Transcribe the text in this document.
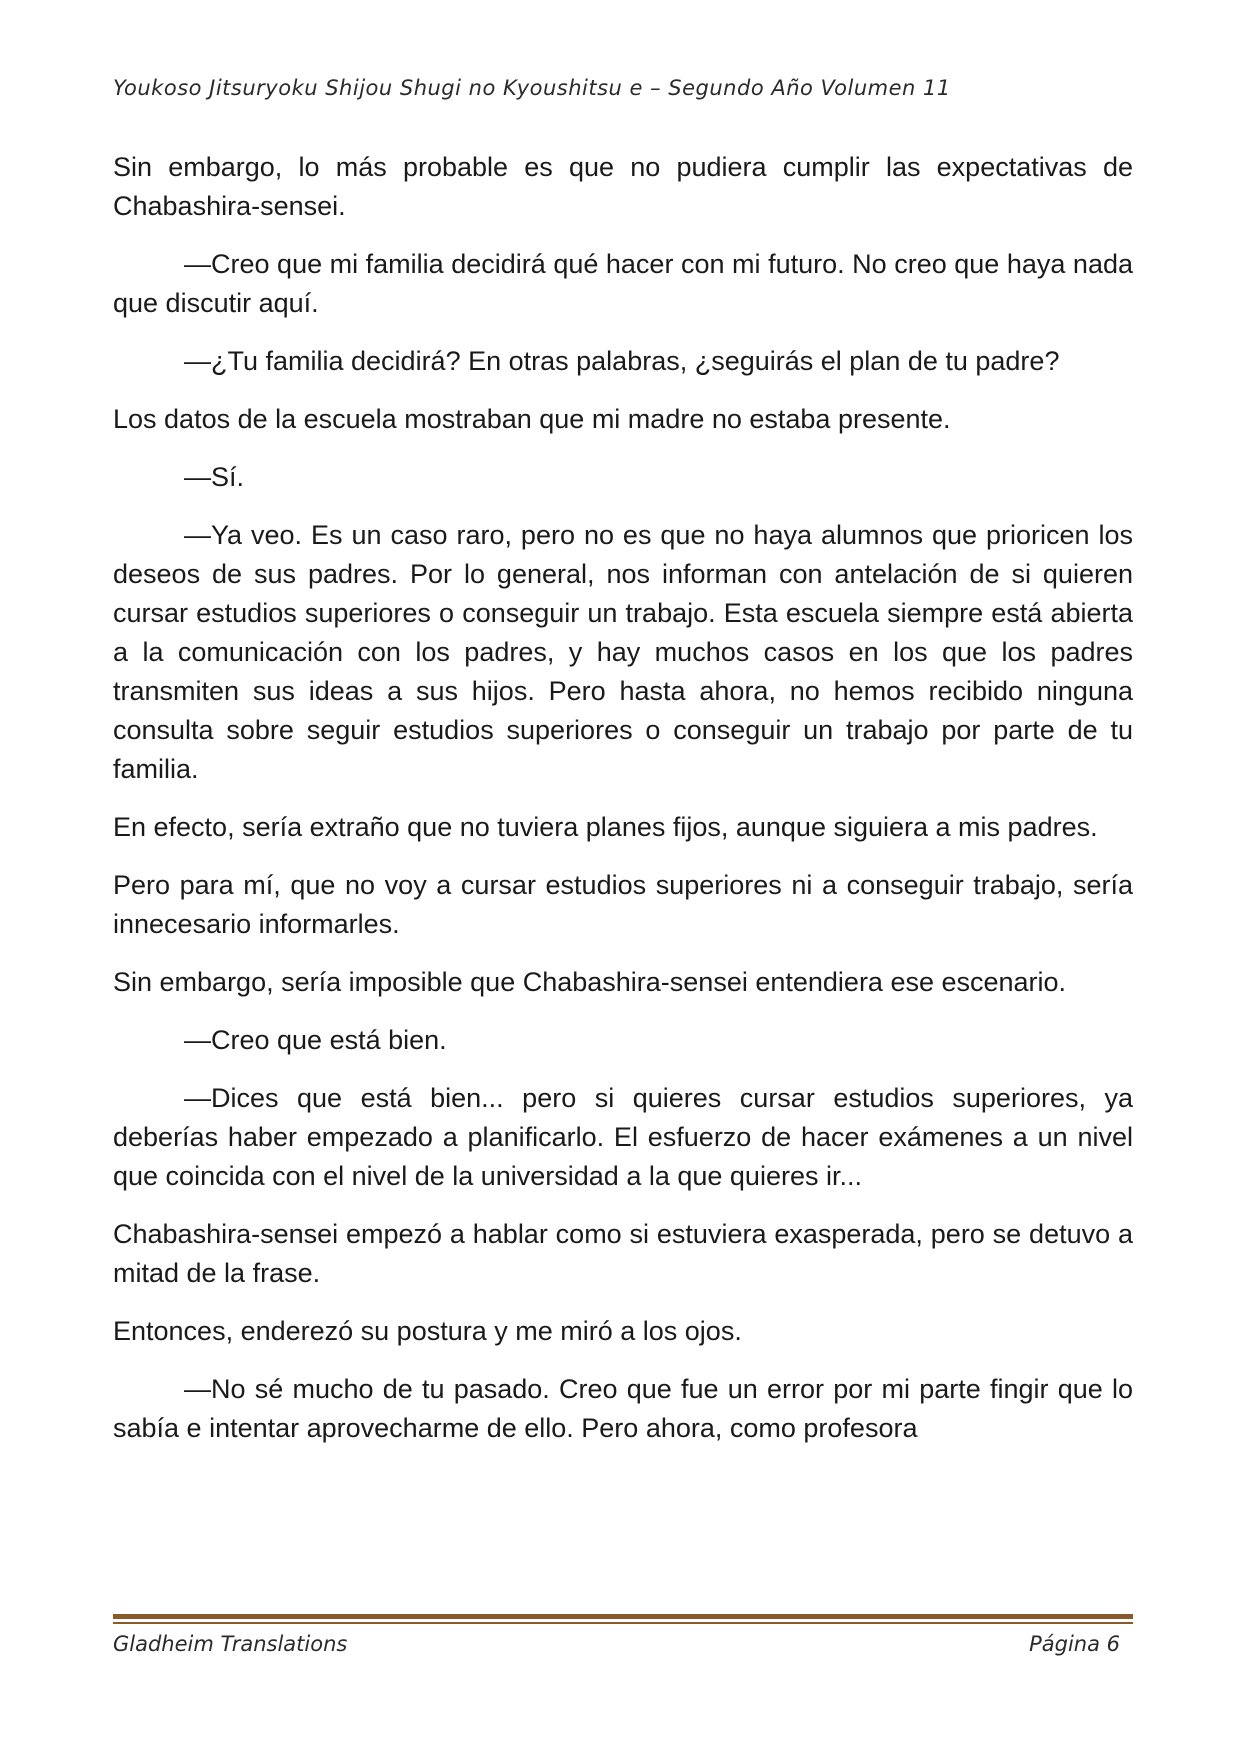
Youkoso Jitsuryoku Shijou Shugi no Kyoushitsu e – Segundo Año Volumen 11

Sin embargo, lo más probable es que no pudiera cumplir las expectativas de Chabashira-sensei.

—Creo que mi familia decidirá qué hacer con mi futuro. No creo que haya nada que discutir aquí.

—¿Tu familia decidirá? En otras palabras, ¿seguirás el plan de tu padre?

Los datos de la escuela mostraban que mi madre no estaba presente.

—Sí.

—Ya veo. Es un caso raro, pero no es que no haya alumnos que prioricen los deseos de sus padres. Por lo general, nos informan con antelación de si quieren cursar estudios superiores o conseguir un trabajo. Esta escuela siempre está abierta a la comunicación con los padres, y hay muchos casos en los que los padres transmiten sus ideas a sus hijos. Pero hasta ahora, no hemos recibido ninguna consulta sobre seguir estudios superiores o conseguir un trabajo por parte de tu familia.

En efecto, sería extraño que no tuviera planes fijos, aunque siguiera a mis padres.

Pero para mí, que no voy a cursar estudios superiores ni a conseguir trabajo, sería innecesario informarles.

Sin embargo, sería imposible que Chabashira-sensei entendiera ese escenario.

—Creo que está bien.

—Dices que está bien... pero si quieres cursar estudios superiores, ya deberías haber empezado a planificarlo. El esfuerzo de hacer exámenes a un nivel que coincida con el nivel de la universidad a la que quieres ir...

Chabashira-sensei empezó a hablar como si estuviera exasperada, pero se detuvo a mitad de la frase.

Entonces, enderezó su postura y me miró a los ojos.

—No sé mucho de tu pasado. Creo que fue un error por mi parte fingir que lo sabía e intentar aprovecharme de ello. Pero ahora, como profesora

Gladheim Translations	Página 6
